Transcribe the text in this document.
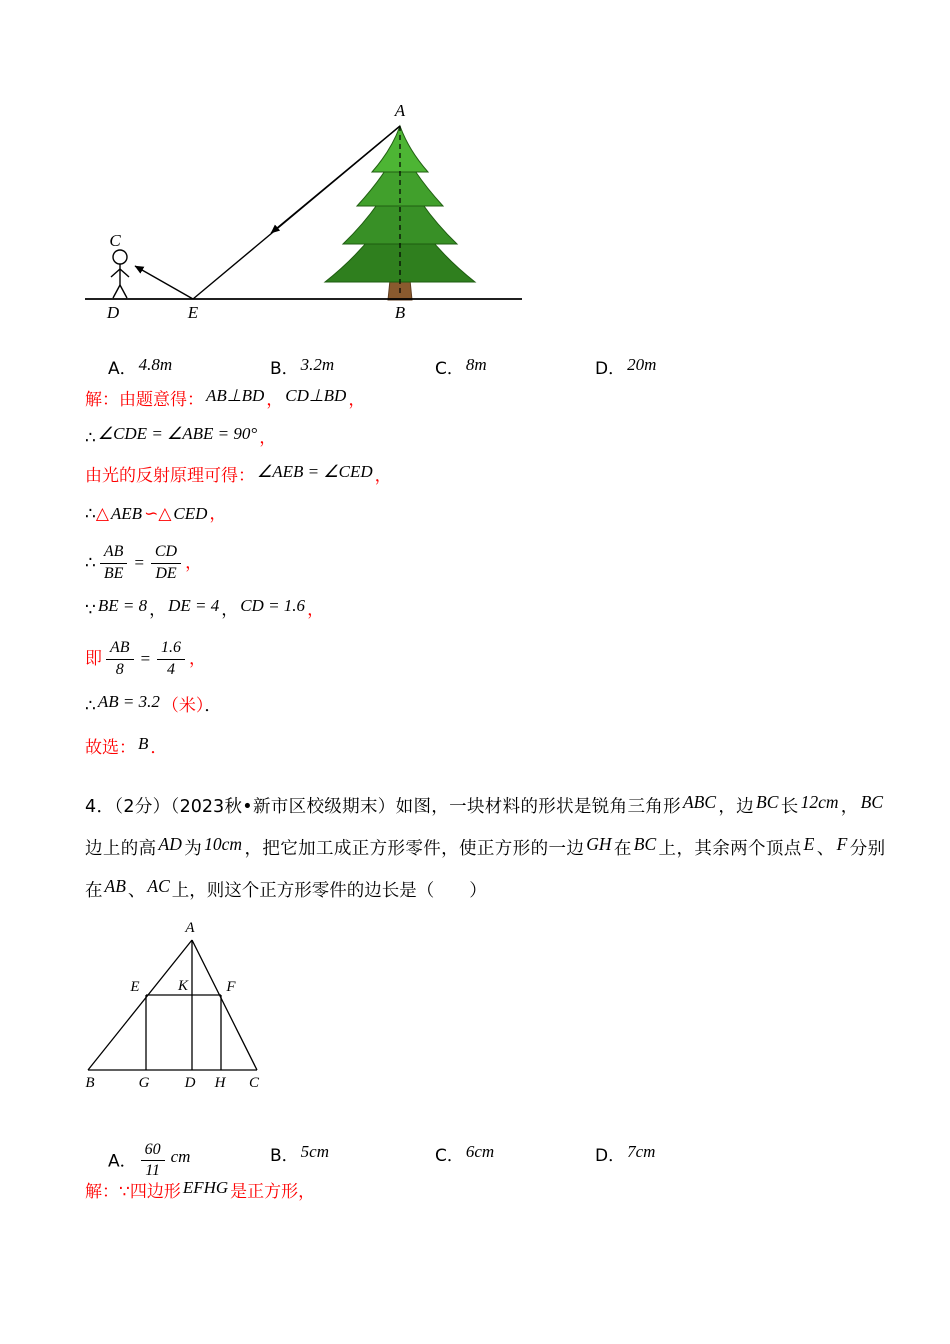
A
C
D	E	B
A． 4.8m	B． 3.2m	C． 8m	D． 20m
解：由题意得： AB⊥BD ， CD⊥BD ，
∴ ∠CDE = ∠ABE = 90° ，
由光的反射原理可得： ∠AEB = ∠CED ，
∴△ AEB ∽△ CED ，
∴ $\frac{AB}{BE} = \frac{CD}{DE}$ ，
∵ BE = 8 ， DE = 4 ， CD = 1.6 ，
即 $\frac{AB}{8} = \frac{1.6}{4}$ ，
∴ AB = 3.2 （米）．
故选： B ．
4．（2分）（2023秋•新市区校级期末）如图，一块材料的形状是锐角三角形 ABC ，边 BC 长 12cm ， BC边上的高 AD 为 10cm ，把它加工成正方形零件，使正方形的一边 GH 在 BC 上，其余两个顶点 E 、 F 分别在 AB 、 AC 上，则这个正方形零件的边长是（　　）
A
E	K	F
B	G D H C
A． $\frac{60}{11}$ cm	B． 5cm	C． 6cm	D． 7cm
解：∵四边形 EFHG 是正方形，
